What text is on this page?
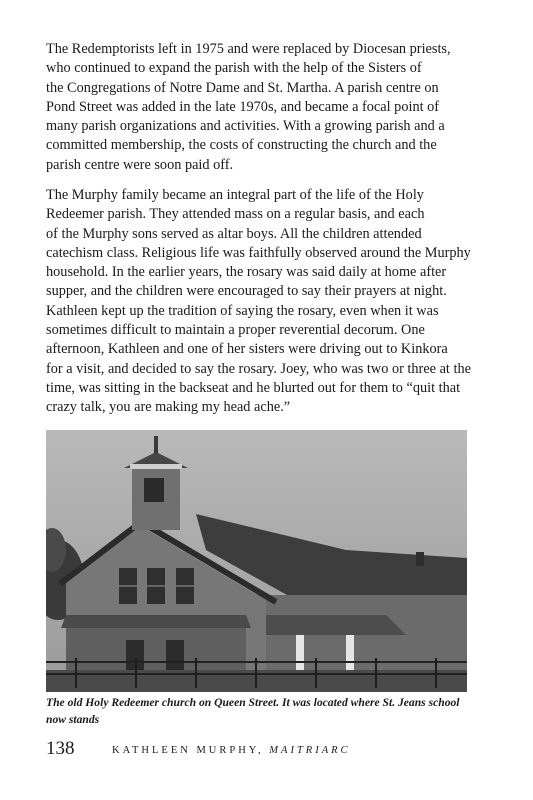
The Redemptorists left in 1975 and were replaced by Diocesan priests,
who continued to expand the parish with the help of the Sisters of
the Congregations of Notre Dame and St. Martha. A parish centre on
Pond Street was added in the late 1970s, and became a focal point of
many parish organizations and activities. With a growing parish and a
committed membership, the costs of constructing the church and the
parish centre were soon paid off.
The Murphy family became an integral part of the life of the Holy
Redeemer parish. They attended mass on a regular basis, and each
of the Murphy sons served as altar boys. All the children attended
catechism class. Religious life was faithfully observed around the Murphy
household. In the earlier years, the rosary was said daily at home after
supper, and the children were encouraged to say their prayers at night.
Kathleen kept up the tradition of saying the rosary, even when it was
sometimes difficult to maintain a proper reverential decorum. One
afternoon, Kathleen and one of her sisters were driving out to Kinkora
for a visit, and decided to say the rosary. Joey, who was two or three at the
time, was sitting in the backseat and he blurted out for them to “quit that
crazy talk, you are making my head ache.”
The old Holy Redeemer church on Queen Street. It was located where St. Jeans school
now stands
138	KATHLEEN MURPHY, MAITRIARC
